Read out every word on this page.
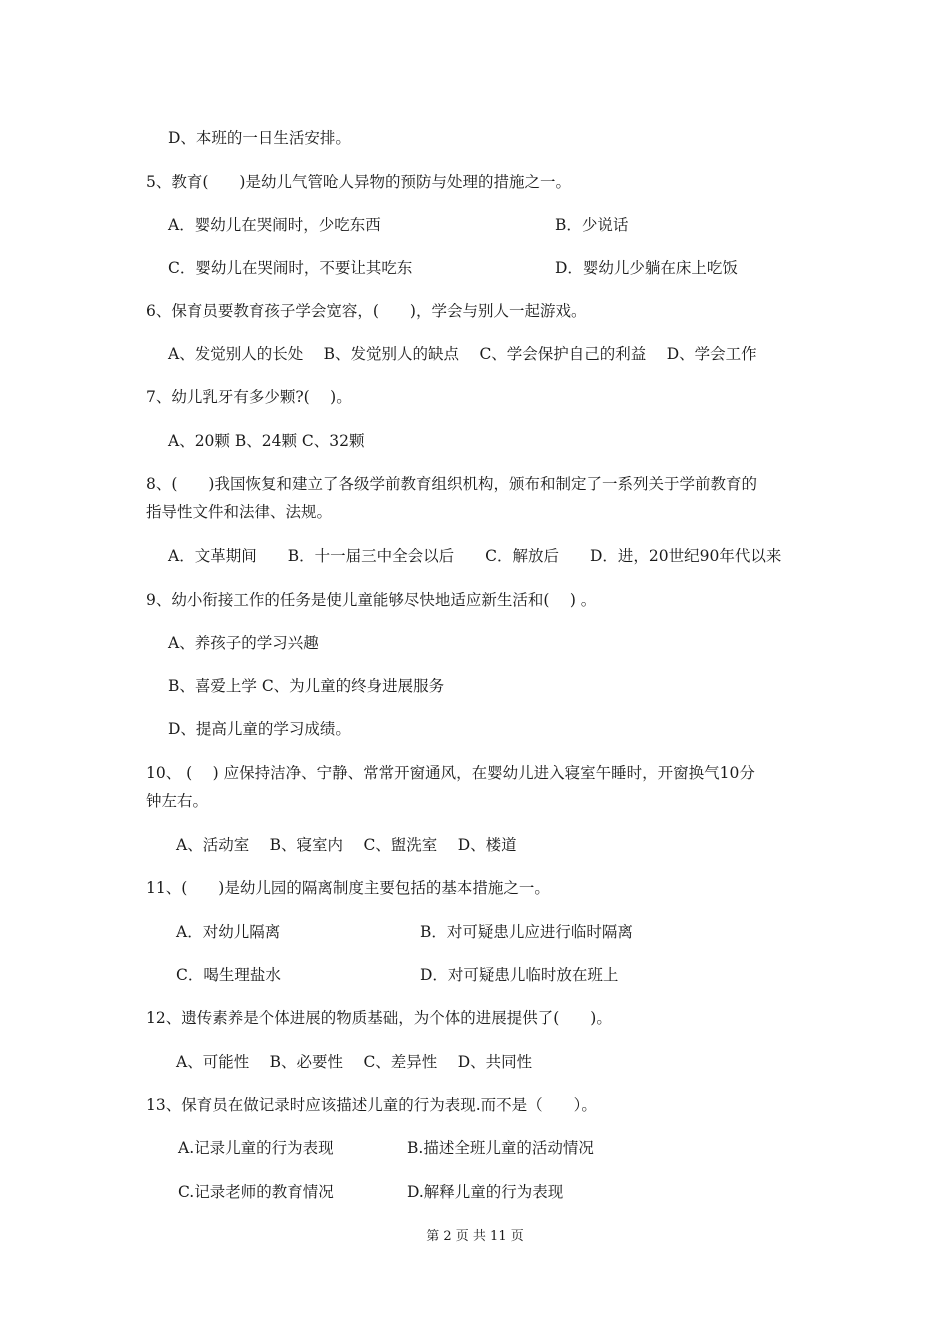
D、本班的一日生活安排。

5、教育(　　)是幼儿气管呛人异物的预防与处理的措施之一。

A．婴幼儿在哭闹时，少吃东西	B．少说话

C．婴幼儿在哭闹时，不要让其吃东	D．婴幼儿少躺在床上吃饭

6、保育员要教育孩子学会宽容，(　　)，学会与别人一起游戏。

A、发觉别人的长处　 B、发觉别人的缺点　 C、学会保护自己的利益　 D、学会工作

7、幼儿乳牙有多少颗?(　 )。

A、20颗 B、24颗 C、32颗

8、(　　)我国恢复和建立了各级学前教育组织机构，颁布和制定了一系列关于学前教育的

指导性文件和法律、法规。

A．文革期间　　B．十一届三中全会以后　　C．解放后　　D．进，20世纪90年代以来

9、幼小衔接工作的任务是使儿童能够尽快地适应新生活和(　 ) 。

A、养孩子的学习兴趣

B、喜爱上学 C、为儿童的终身进展服务

D、提高儿童的学习成绩。

10、 (　 ) 应保持洁净、宁静、常常开窗通风，在婴幼儿进入寝室午睡时，开窗换气10分

钟左右。

A、活动室　 B、寝室内　 C、盥洗室　 D、楼道

11、(　　)是幼儿园的隔离制度主要包括的基本措施之一。

A．对幼儿隔离	B．对可疑患儿应进行临时隔离

C．喝生理盐水	D．对可疑患儿临时放在班上

12、遗传素养是个体进展的物质基础，为个体的进展提供了(　　)。

A、可能性　 B、必要性　 C、差异性　 D、共同性

13、保育员在做记录时应该描述儿童的行为表现.而不是（　　）。

A.记录儿童的行为表现	B.描述全班儿童的活动情况

C.记录老师的教育情况	D.解释儿童的行为表现

第 2 页 共 11 页
